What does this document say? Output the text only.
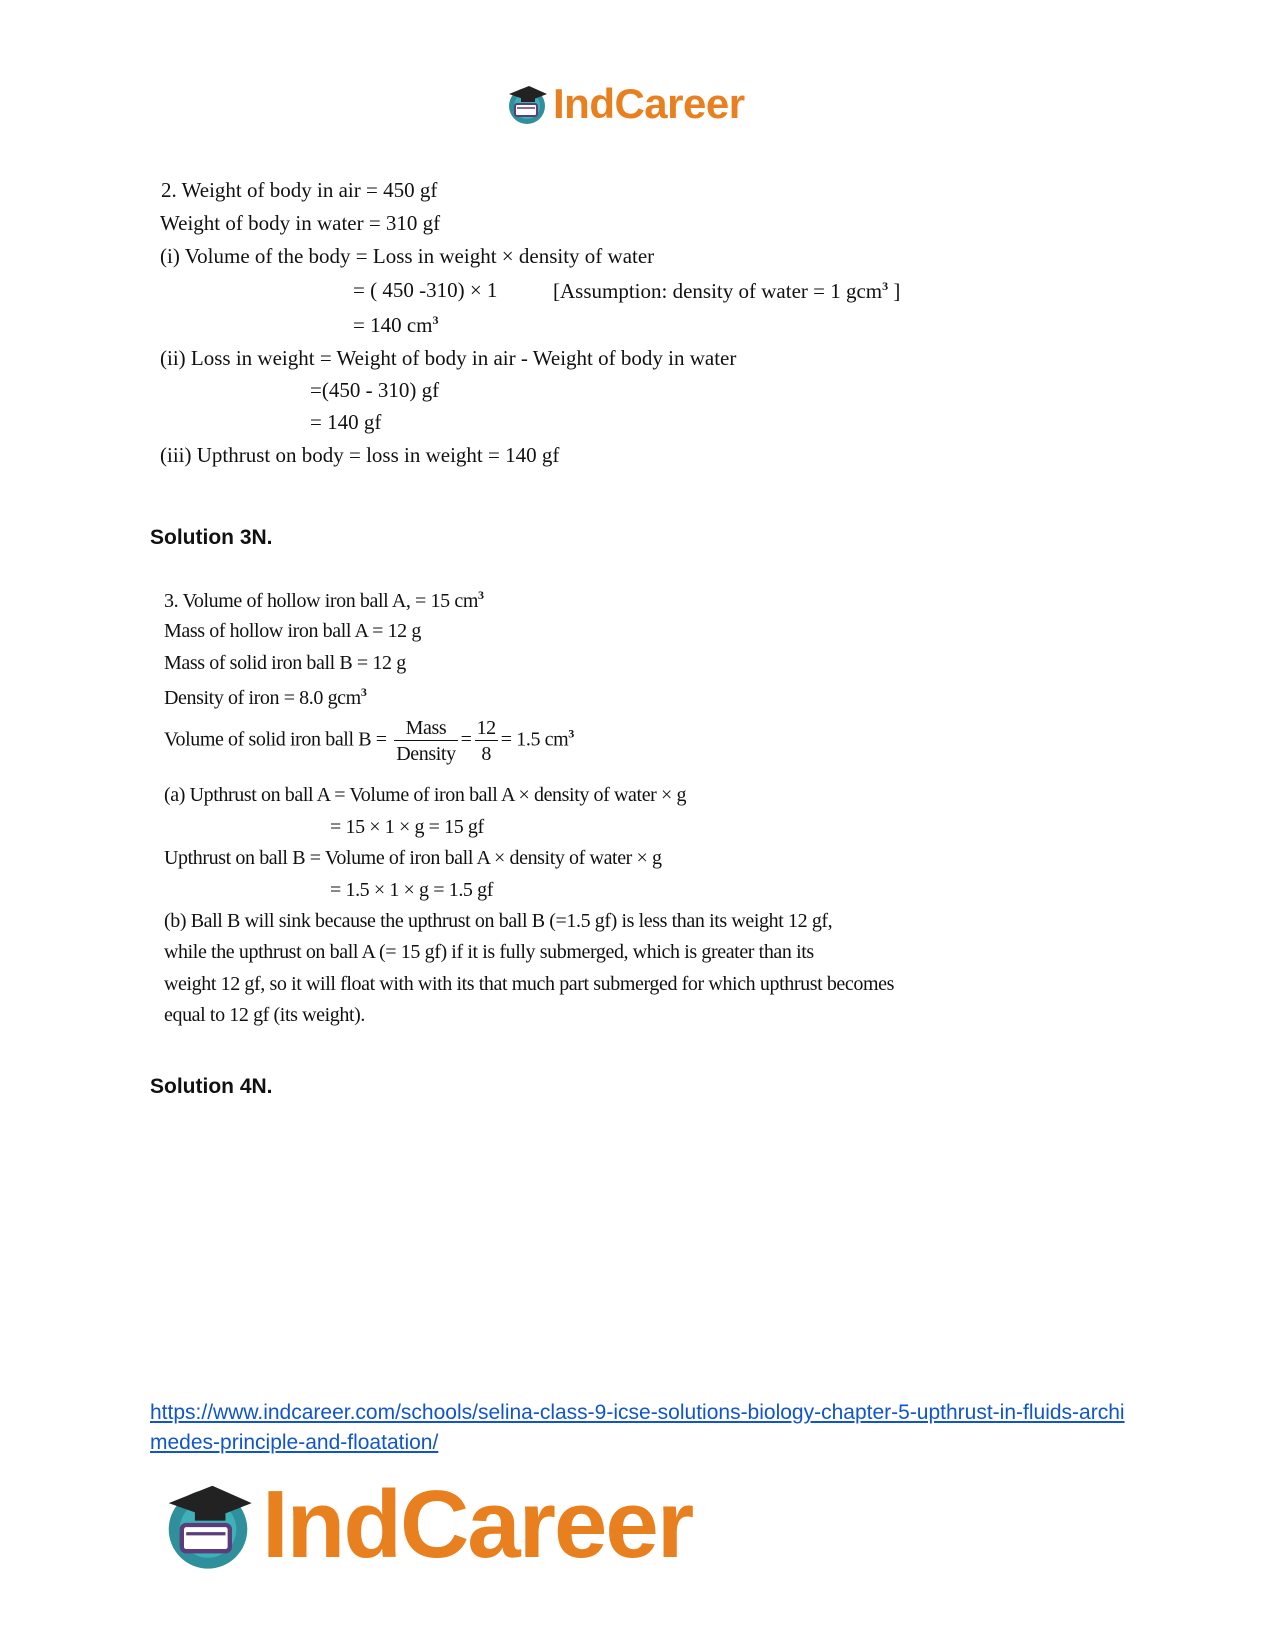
IndCareer
2. Weight of body in air = 450 gf
Weight of body in water = 310 gf
(i) Volume of the body = Loss in weight × density of water
= ( 450 -310) × 1	[Assumption: density of water = 1 gcm$^3$ ]
= 140 $cm^3$
(ii) Loss in weight = Weight of body in air - Weight of body in water
=(450 - 310) gf
= 140 gf
(iii) Upthrust on body = loss in weight = 140 gf
Solution 3N.
3. Volume of hollow iron ball A, = 15 $cm^3$
Mass of hollow iron ball A = 12 g
Mass of solid iron ball B = 12 g
Density of iron = 8.0 gcm$^3$
Volume of solid iron ball $B = \frac{\text{Mass}}{\text{Density}} = \frac{12}{8} = 1.5$ $cm^3$
(a) Upthrust on ball A = Volume of iron ball A × density of water × g
= 15 × 1 × g = 15 gf
Upthrust on ball B = Volume of iron ball A × density of water × g
= 1.5 × 1 × g = 1.5 gf
(b) Ball B will sink because the upthrust on ball B (=1.5 gf) is less than its weight 12 gf,
while the upthrust on ball A (= 15 gf) if it is fully submerged, which is greater than its
weight 12 gf, so it will float with with its that much part submerged for which upthrust becomes
equal to 12 gf (its weight).
Solution 4N.
https://www.indcareer.com/schools/selina-class-9-icse-solutions-biology-chapter-5-upthrust-in-fluids-archimedes-principle-and-floatation/
IndCareer
